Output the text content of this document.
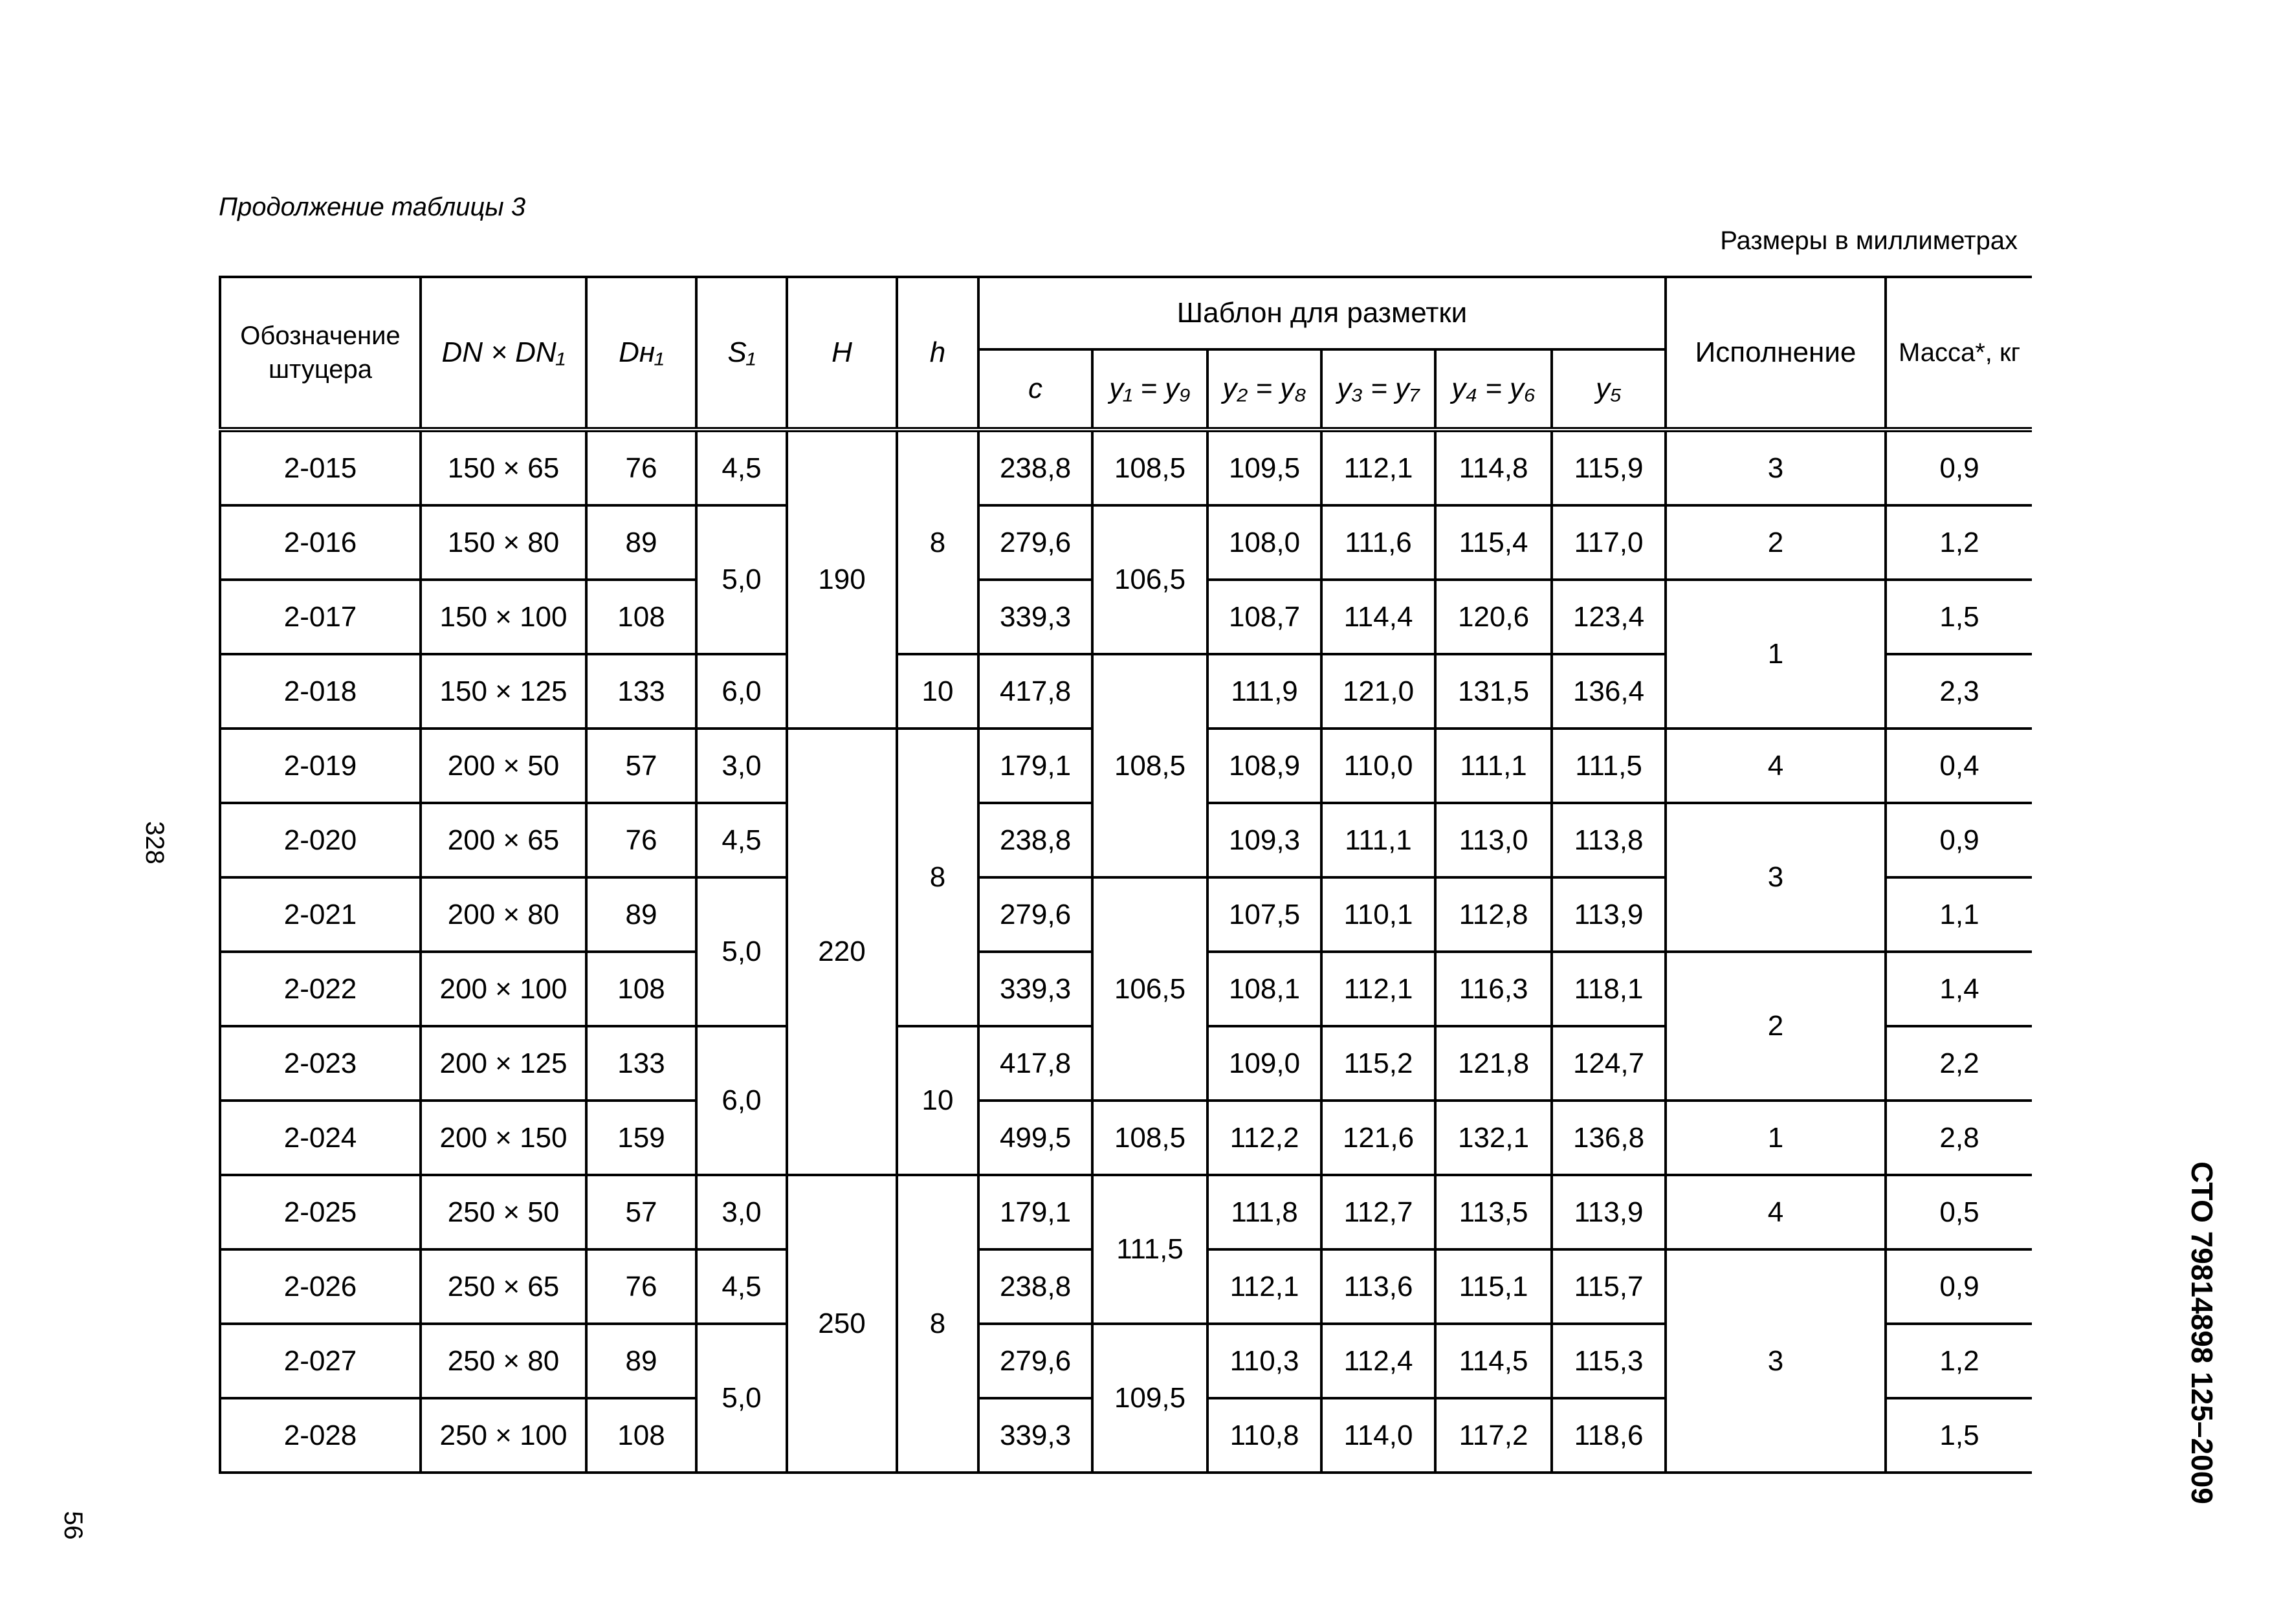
Продолжение таблицы 3
Размеры в миллиметрах
328
56
СТО 79814898 125–2009
Обозначение штуцера	DN × DN₁	Dн₁	S₁	H	h	Шаблон для разметки						Исполнение	Масса*, кг
						c	y₁ = y₉	y₂ = y₈	y₃ = y₇	y₄ = y₆	y₅		
2-015	150 × 65	76	4,5	190	8	238,8	108,5	109,5	112,1	114,8	115,9	3	0,9
2-016	150 × 80	89	5,0			279,6	106,5	108,0	111,6	115,4	117,0	2	1,2
2-017	150 × 100	108				339,3		108,7	114,4	120,6	123,4	1	1,5
2-018	150 × 125	133	6,0		10	417,8	108,5	111,9	121,0	131,5	136,4		2,3
2-019	200 × 50	57	3,0	220	8	179,1		108,9	110,0	111,1	111,5	4	0,4
2-020	200 × 65	76	4,5			238,8		109,3	111,1	113,0	113,8	3	0,9
2-021	200 × 80	89	5,0			279,6	106,5	107,5	110,1	112,8	113,9		1,1
2-022	200 × 100	108				339,3		108,1	112,1	116,3	118,1	2	1,4
2-023	200 × 125	133	6,0		10	417,8		109,0	115,2	121,8	124,7		2,2
2-024	200 × 150	159				499,5	108,5	112,2	121,6	132,1	136,8	1	2,8
2-025	250 × 50	57	3,0	250	8	179,1	111,5	111,8	112,7	113,5	113,9	4	0,5
2-026	250 × 65	76	4,5			238,8		112,1	113,6	115,1	115,7	3	0,9
2-027	250 × 80	89	5,0			279,6	109,5	110,3	112,4	114,5	115,3		1,2
2-028	250 × 100	108				339,3		110,8	114,0	117,2	118,6		1,5
